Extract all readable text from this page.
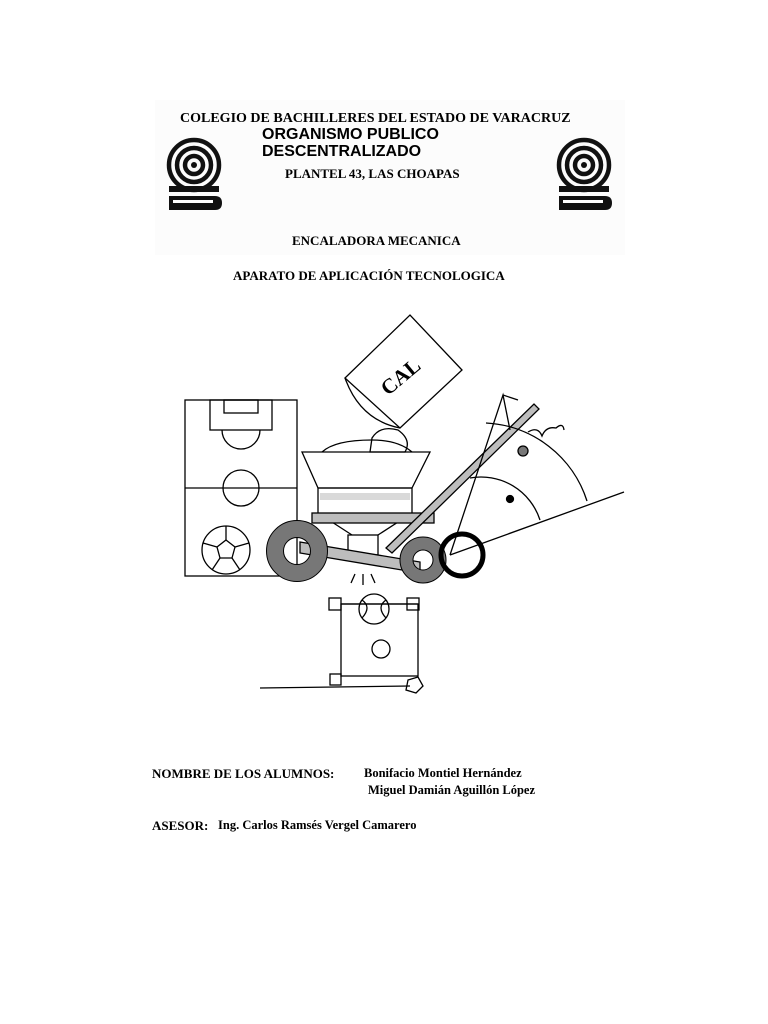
COLEGIO DE BACHILLERES DEL ESTADO DE VARACRUZ
ORGANISMO PUBLICO
DESCENTRALIZADO
PLANTEL 43, LAS CHOAPAS
ENCALADORA MECANICA
APARATO DE APLICACIÓN TECNOLOGICA
CAL
NOMBRE DE LOS ALUMNOS: Bonifacio Montiel Hernández
Miguel Damián Aguillón López
ASESOR: Ing. Carlos Ramsés Vergel Camarero
